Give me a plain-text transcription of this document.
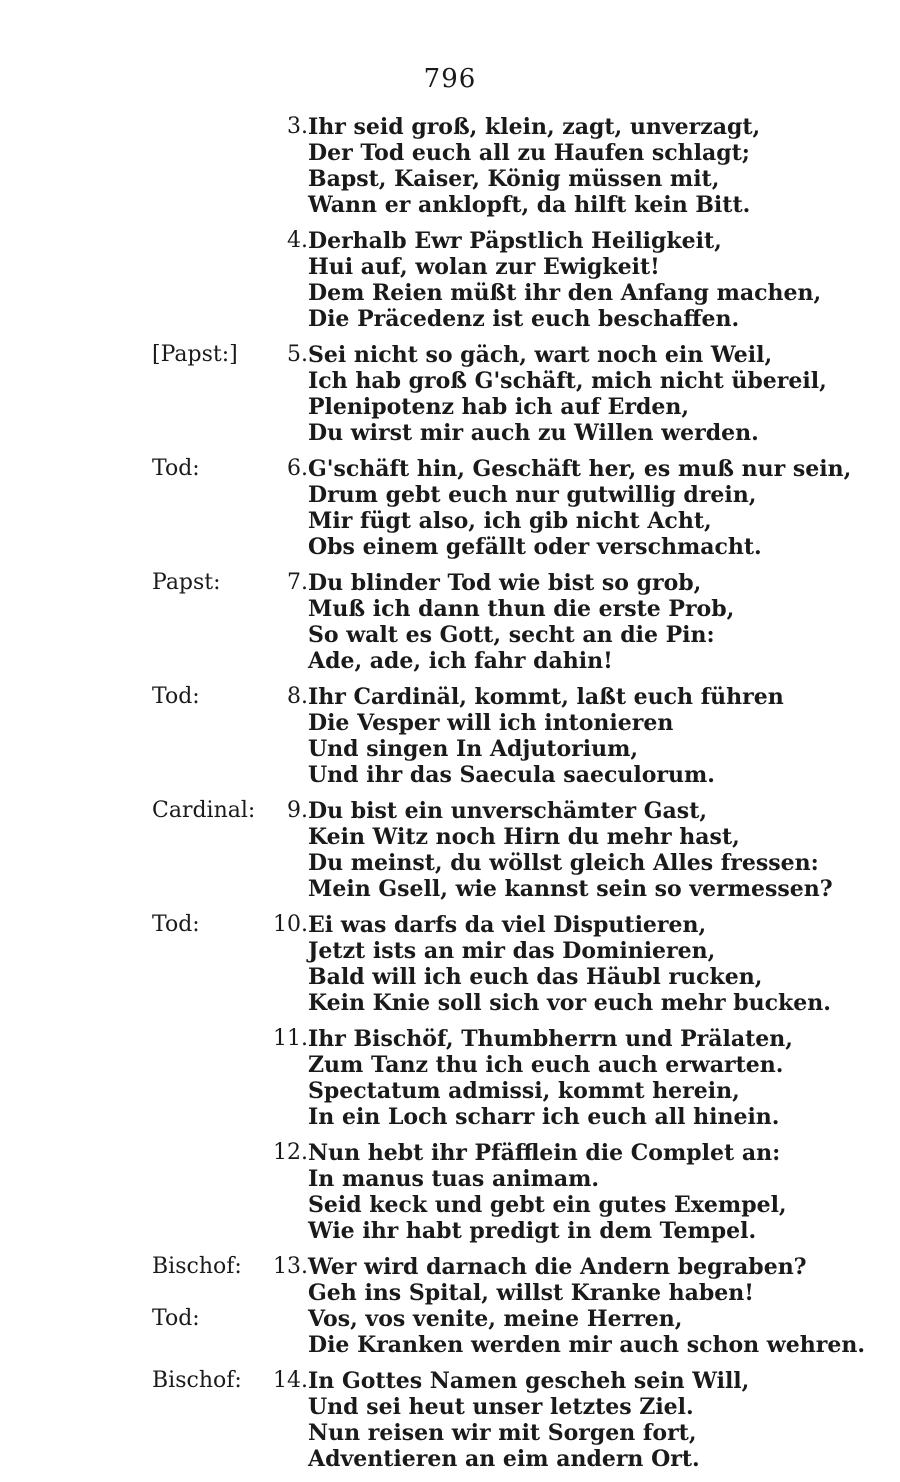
796
3. Ihr seid groß, klein, zagt, unverzagt,
Der Tod euch all zu Haufen schlagt;
Bapst, Kaiser, König müssen mit,
Wann er anklopft, da hilft kein Bitt.
4. Derhalb Ewr Päpstlich Heiligkeit,
Hui auf, wolan zur Ewigkeit!
Dem Reien müßt ihr den Anfang machen,
Die Präcedenz ist euch beschaffen.
[Papst:] 5. Sei nicht so gäch, wart noch ein Weil,
Ich hab groß G'schäft, mich nicht übereil,
Plenipotenz hab ich auf Erden,
Du wirst mir auch zu Willen werden.
Tod:	6. G'schäft hin, Geschäft her, es muß nur sein,
Drum gebt euch nur gutwillig drein,
Mir fügt also, ich gib nicht Acht,
Obs einem gefällt oder verschmacht.
Papst:	7. Du blinder Tod wie bist so grob,
Muß ich dann thun die erste Prob,
So walt es Gott, secht an die Pin:
Ade, ade, ich fahr dahin!
Tod:	8. Ihr Cardinäl, kommt, laßt euch führen
Die Vesper will ich intonieren
Und singen In Adjutorium,
Und ihr das Saecula saeculorum.
Cardinal: 9. Du bist ein unverschämter Gast,
Kein Witz noch Hirn du mehr hast,
Du meinst, du wöllst gleich Alles fressen:
Mein Gsell, wie kannst sein so vermessen?
Tod:	10. Ei was darfs da viel Disputieren,
Jetzt ists an mir das Dominieren,
Bald will ich euch das Häubl rucken,
Kein Knie soll sich vor euch mehr bucken.
11. Ihr Bischöf, Thumbherrn und Prälaten,
Zum Tanz thu ich euch auch erwarten.
Spectatum admissi, kommt herein,
In ein Loch scharr ich euch all hinein.
12. Nun hebt ihr Pfäfflein die Complet an:
In manus tuas animam.
Seid keck und gebt ein gutes Exempel,
Wie ihr habt predigt in dem Tempel.
Bischof: 13. Wer wird darnach die Andern begraben?
Geh ins Spital, willst Kranke haben!
Tod:	Vos, vos venite, meine Herren,
Die Kranken werden mir auch schon wehren.
Bischof: 14. In Gottes Namen gescheh sein Will,
Und sei heut unser letztes Ziel.
Nun reisen wir mit Sorgen fort,
Adventieren an eim andern Ort.
